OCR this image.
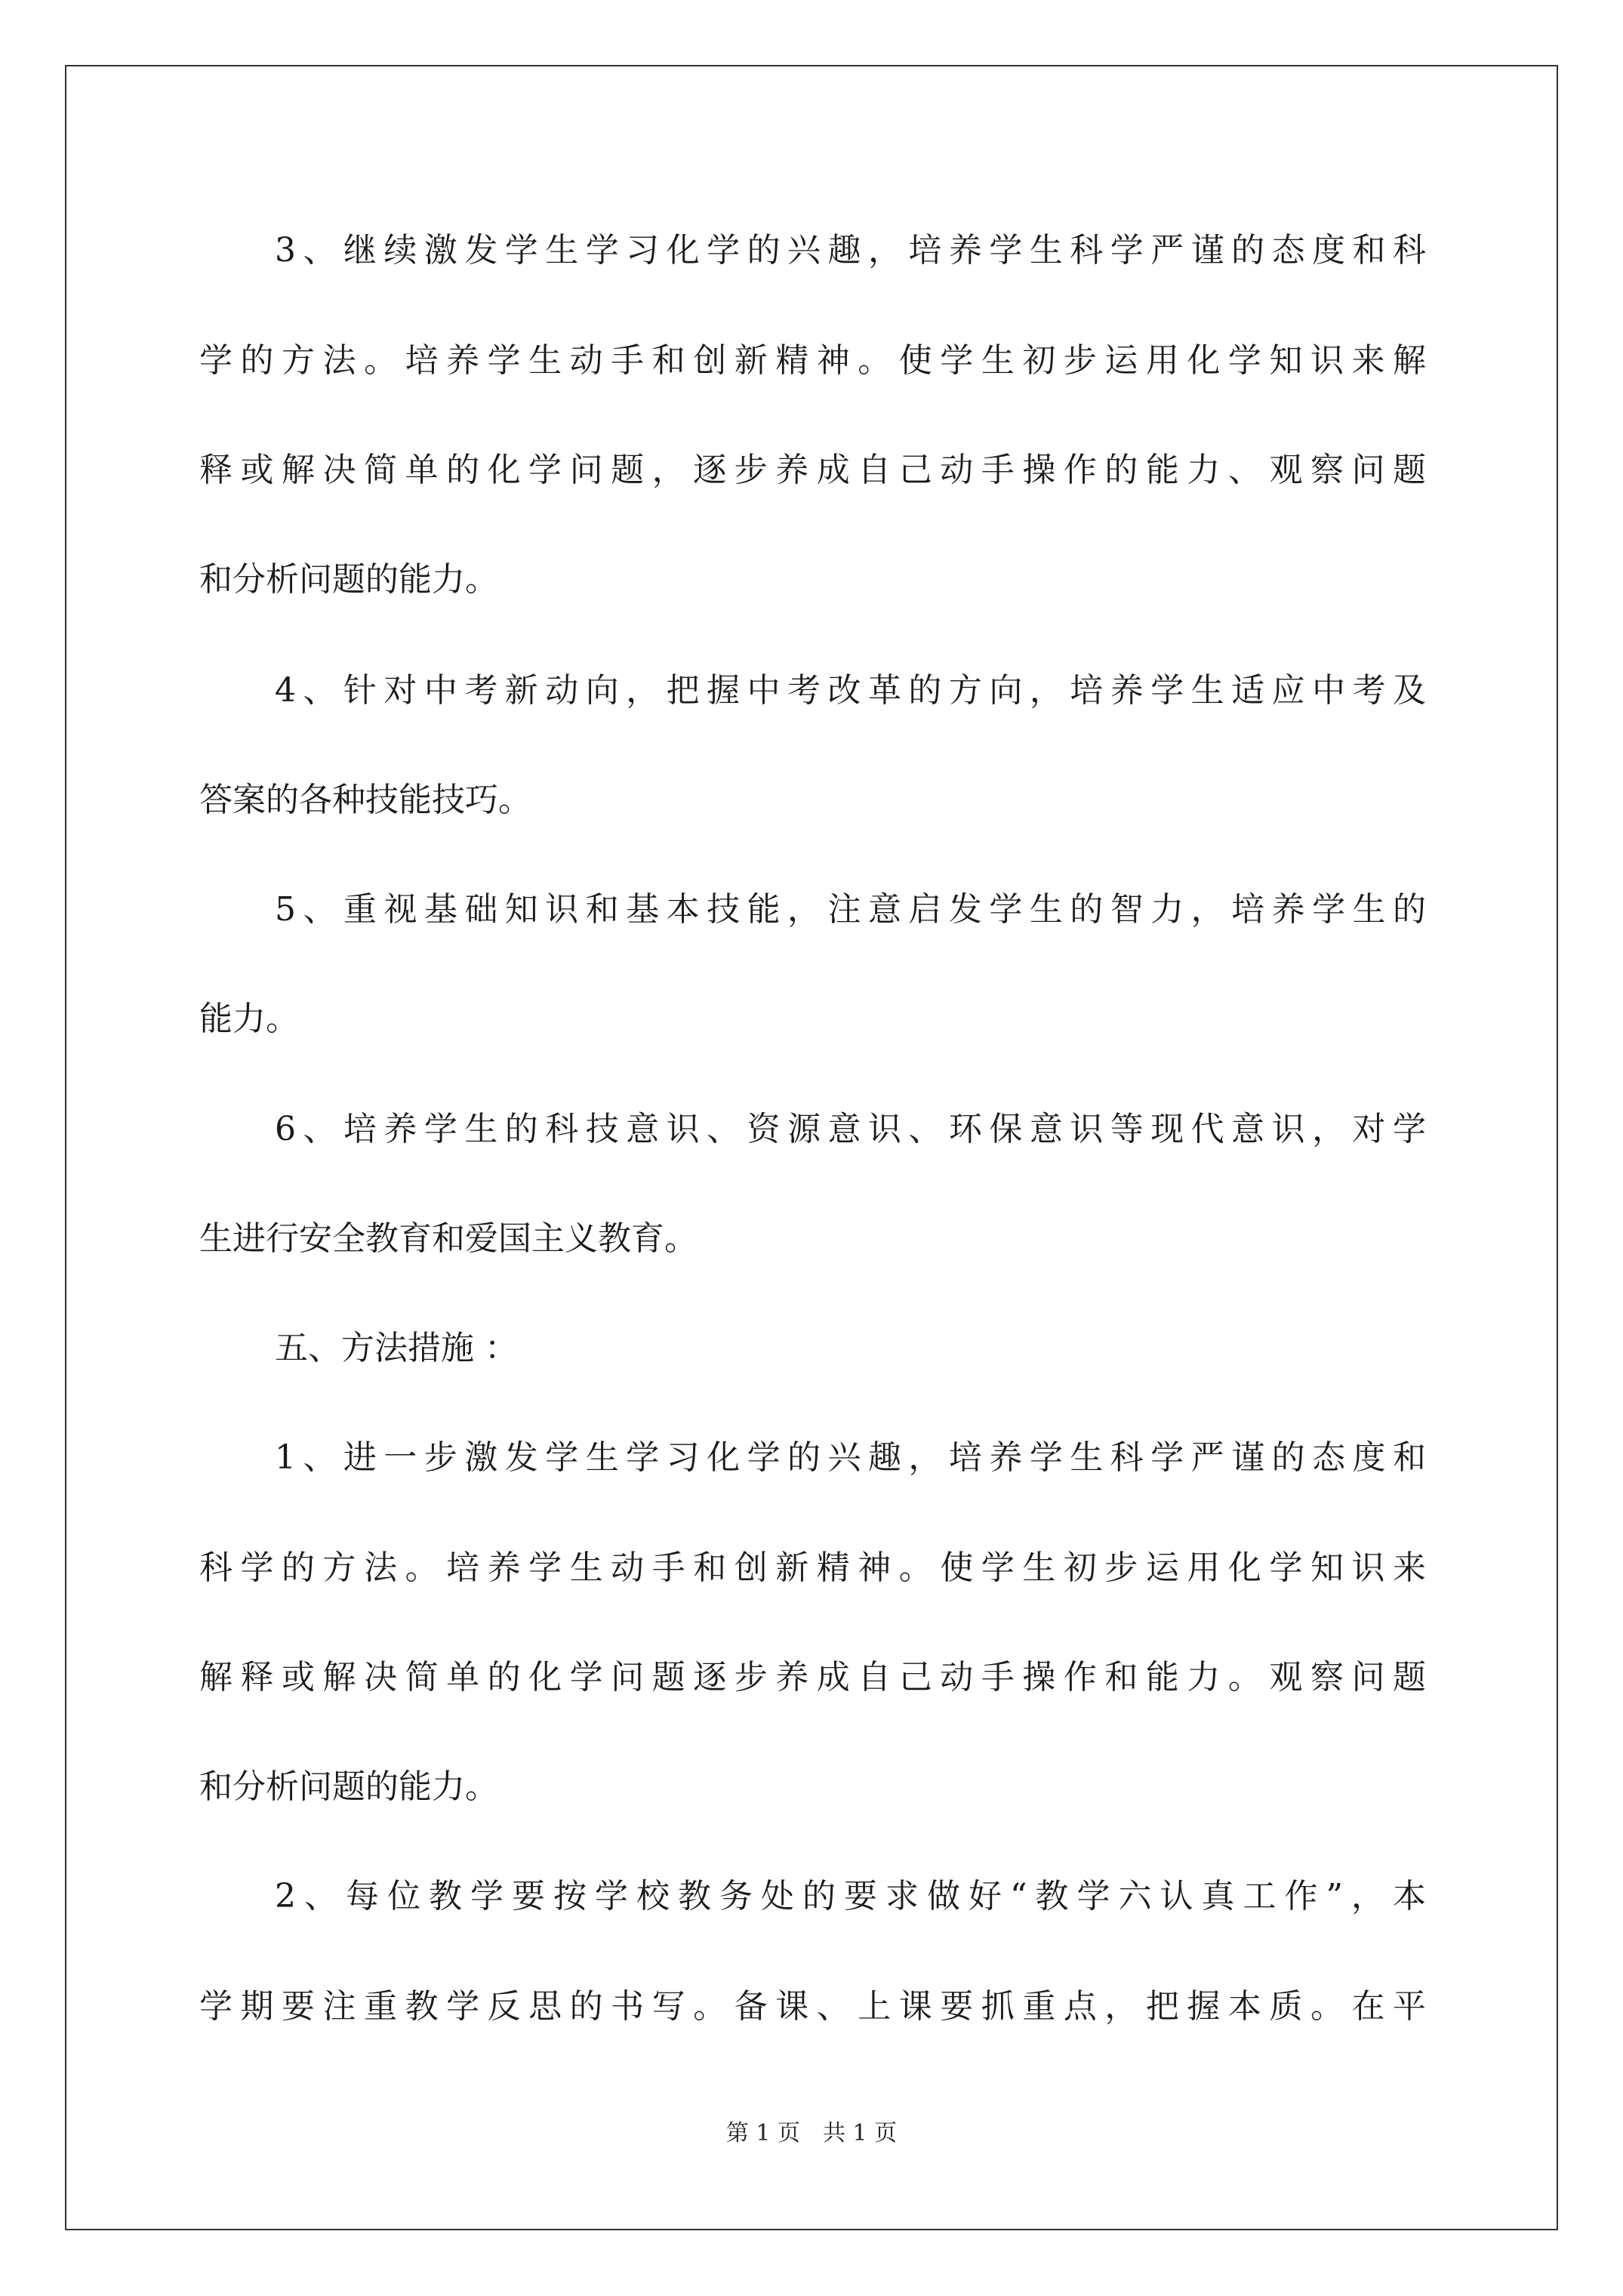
3、继续激发学生学习化学的兴趣，培养学生科学严谨的态度和科
学的方法。培养学生动手和创新精神。使学生初步运用化学知识来解
释或解决简单的化学问题，逐步养成自己动手操作的能力、观察问题
和分析问题的能力。
4、针对中考新动向，把握中考改革的方向，培养学生适应中考及
答案的各种技能技巧。
5、重视基础知识和基本技能，注意启发学生的智力，培养学生的
能力。
6、培养学生的科技意识、资源意识、环保意识等现代意识，对学
生进行安全教育和爱国主义教育。
五、方法措施 ：
1、进一步激发学生学习化学的兴趣，培养学生科学严谨的态度和
科学的方法。培养学生动手和创新精神。使学生初步运用化学知识来
解释或解决简单的化学问题逐步养成自己动手操作和能力。观察问题
和分析问题的能力。
2、每位教学要按学校教务处的要求做好“教学六认真工作”，本
学期要注重教学反思的书写。备课、上课要抓重点，把握本质。在平
第 1 页　共 1 页
